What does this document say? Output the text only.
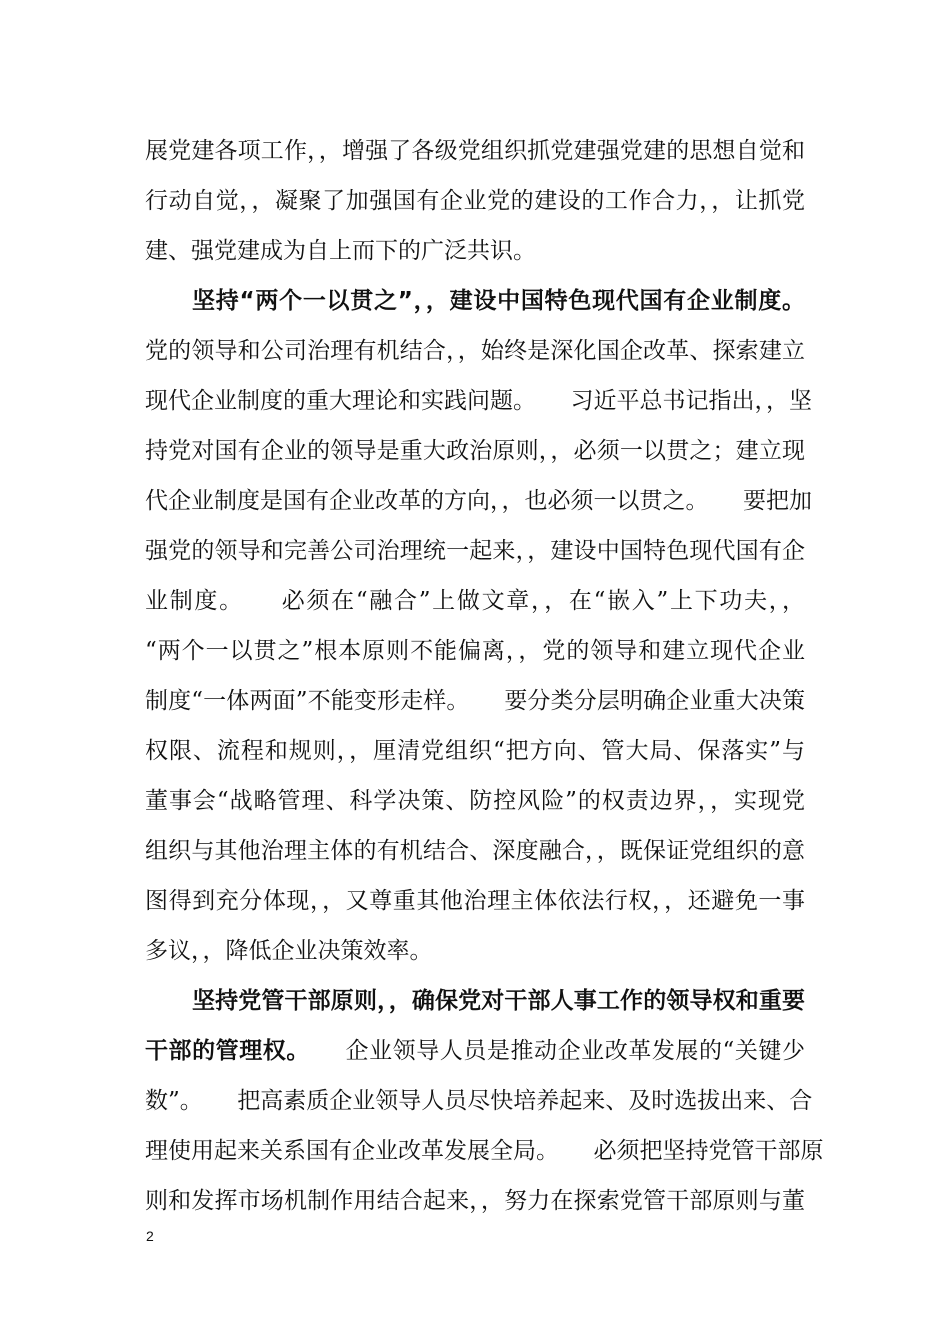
展党建各项工作，，增强了各级党组织抓党建强党建的思想自觉和
行动自觉，，凝聚了加强国有企业党的建设的工作合力，，让抓党
建、强党建成为自上而下的广泛共识。
坚持“两个一以贯之”，，建设中国特色现代国有企业制度。
党的领导和公司治理有机结合，，始终是深化国企改革、探索建立
现代企业制度的重大理论和实践问题。　　习近平总书记指出，，坚
持党对国有企业的领导是重大政治原则，，必须一以贯之；建立现
代企业制度是国有企业改革的方向，，也必须一以贯之。　　要把加
强党的领导和完善公司治理统一起来，，建设中国特色现代国有企
业制度。　　必须在“融合”上做文章，，在“嵌入”上下功夫，，
“两个一以贯之”根本原则不能偏离，，党的领导和建立现代企业
制度“一体两面”不能变形走样。　　要分类分层明确企业重大决策
权限、流程和规则，，厘清党组织“把方向、管大局、保落实”与
董事会“战略管理、科学决策、防控风险”的权责边界，，实现党
组织与其他治理主体的有机结合、深度融合，，既保证党组织的意
图得到充分体现，，又尊重其他治理主体依法行权，，还避免一事
多议，，降低企业决策效率。
坚持党管干部原则，，确保党对干部人事工作的领导权和重要
干部的管理权。　　企业领导人员是推动企业改革发展的“关键少
数”。　　把高素质企业领导人员尽快培养起来、及时选拔出来、合
理使用起来关系国有企业改革发展全局。　　必须把坚持党管干部原
则和发挥市场机制作用结合起来，，努力在探索党管干部原则与董
2
